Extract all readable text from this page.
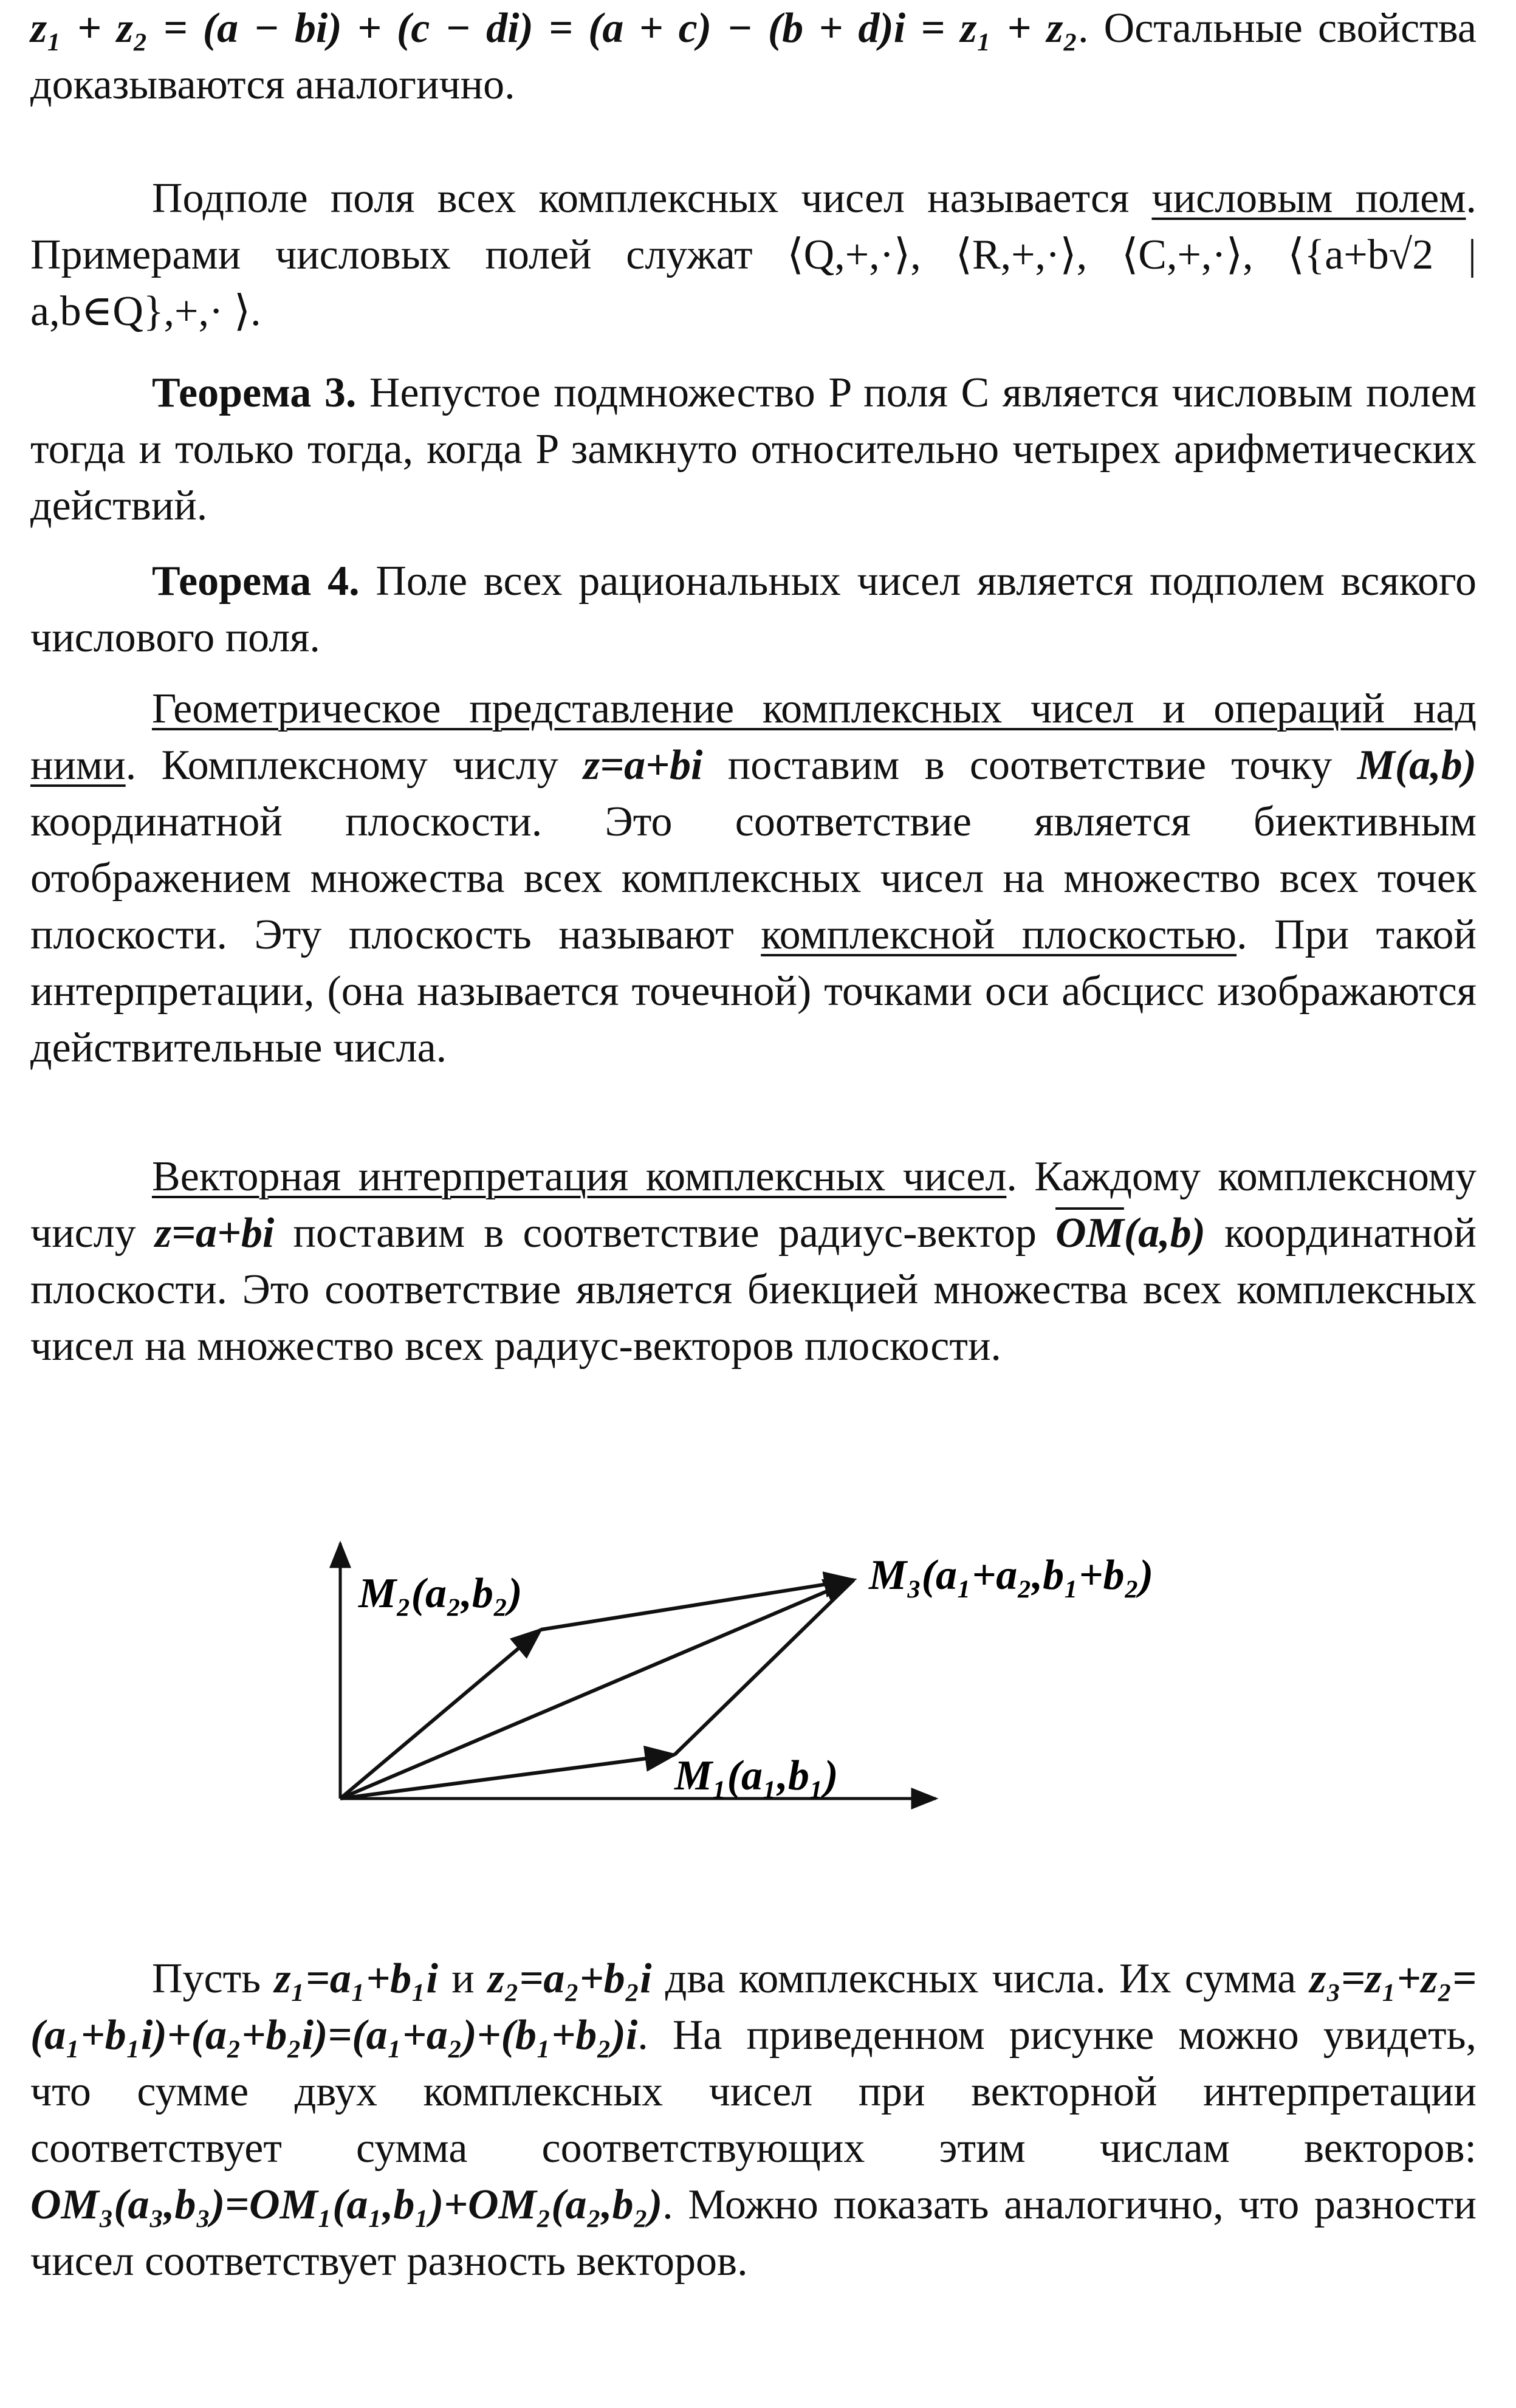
z₁ + z₂ = (a − bi) + (c − di) = (a + c) − (b + d)i = z₁ + z₂. Остальные свойства доказываются аналогично.

Подполе поля всех комплексных чисел называется числовым полем. Примерами числовых полей служат ⟨Q,+,·⟩, ⟨R,+,·⟩, ⟨C,+,·⟩, ⟨{a+b√2 | a,b∈Q},+,· ⟩.

Теорема 3. Непустое подмножество P поля C является числовым полем тогда и только тогда, когда P замкнуто относительно четырех арифметических действий.

Теорема 4. Поле всех рациональных чисел является подполем всякого числового поля.

Геометрическое представление комплексных чисел и операций над ними. Комплексному числу z=a+bi поставим в соответствие точку M(a,b) координатной плоскости. Это соответствие является биективным отображением множества всех комплексных чисел на множество всех точек плоскости. Эту плоскость называют комплексной плоскостью. При такой интерпретации, (она называется точечной) точками оси абсцисс изображаются действительные числа.

Векторная интерпретация комплексных чисел. Каждому комплексному числу z=a+bi поставим в соответствие радиус-вектор $\overline{OM}(a,b)$ координатной плоскости. Это соответствие является биекцией множества всех комплексных чисел на множество всех радиус-векторов плоскости.

M₂(a₂,b₂)	M₃(a₁+a₂,b₁+b₂)
M₁(a₁,b₁)

Пусть z₁=a₁+b₁i и z₂=a₂+b₂i два комплексных числа. Их сумма z₃=z₁+z₂=(a₁+b₁i)+(a₂+b₂i)=(a₁+a₂)+(b₁+b₂)i. На приведенном рисунке можно увидеть, что сумме двух комплексных чисел при векторной интерпретации соответствует сумма соответствующих этим числам векторов: OM₃(a₃,b₃)=OM₁(a₁,b₁)+OM₂(a₂,b₂). Можно показать аналогично, что разности чисел соответствует разность векторов.
